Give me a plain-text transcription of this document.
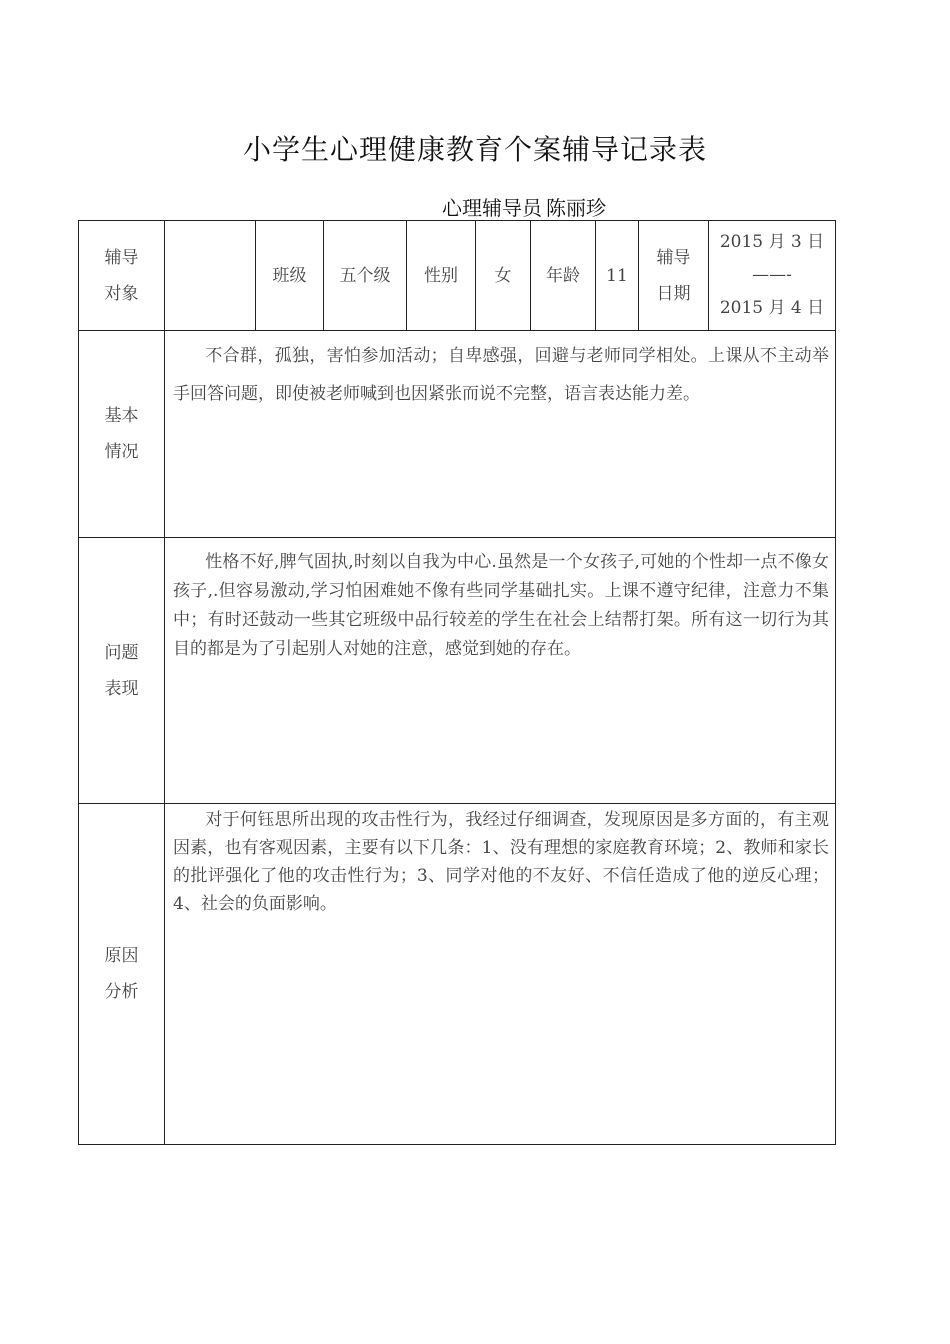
小学生心理健康教育个案辅导记录表
心理辅导员 陈丽珍
辅导
对象		班级	五个级	性别	女	年龄	11	辅导
日期	2015 月 3 日
——-
2015 月 4 日

基本
情况	不合群，孤独，害怕参加活动；自卑感强，回避与老师同学相处。上课从不主动举手回答问题，即使被老师喊到也因紧张而说不完整，语言表达能力差。								

问题
表现	性格不好,脾气固执,时刻以自我为中心.虽然是一个女孩子,可她的个性却一点不像女孩子,.但容易激动,学习怕困难她不像有些同学基础扎实。上课不遵守纪律，注意力不集中；有时还鼓动一些其它班级中品行较差的学生在社会上结帮打架。所有这一切行为其目的都是为了引起别人对她的注意，感觉到她的存在。								

原因
分析	对于何钰思所出现的攻击性行为，我经过仔细调查，发现原因是多方面的，有主观因素，也有客观因素，主要有以下几条：1、没有理想的家庭教育环境；2、教师和家长的批评强化了他的攻击性行为；3、同学对他的不友好、不信任造成了他的逆反心理；4、社会的负面影响。								
